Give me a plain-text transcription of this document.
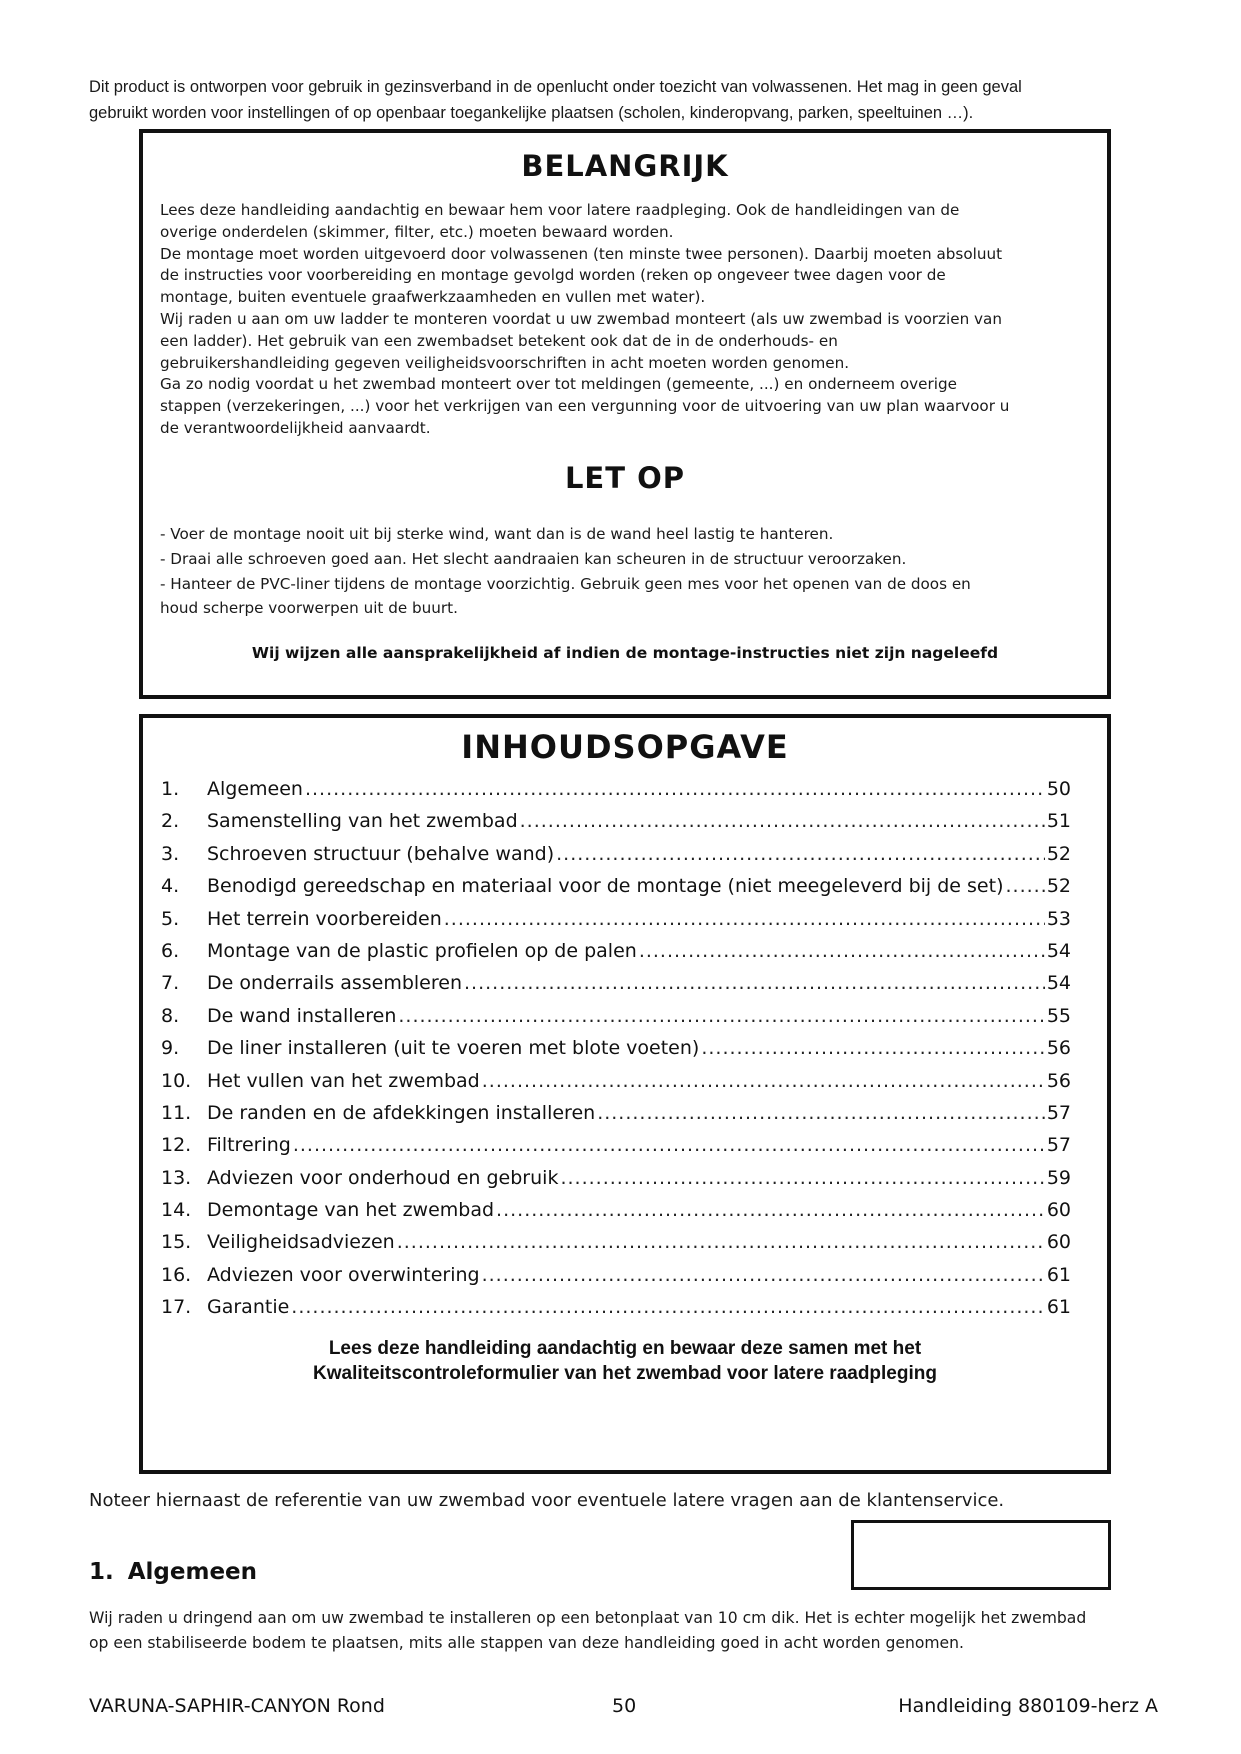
Dit product is ontworpen voor gebruik in gezinsverband in de openlucht onder toezicht van volwassenen. Het mag in geen geval
gebruikt worden voor instellingen of op openbaar toegankelijke plaatsen (scholen, kinderopvang, parken, speeltuinen …).
BELANGRIJK
Lees deze handleiding aandachtig en bewaar hem voor latere raadpleging. Ook de handleidingen van de
overige onderdelen (skimmer, filter, etc.) moeten bewaard worden.
De montage moet worden uitgevoerd door volwassenen (ten minste twee personen). Daarbij moeten absoluut
de instructies voor voorbereiding en montage gevolgd worden (reken op ongeveer twee dagen voor de
montage, buiten eventuele graafwerkzaamheden en vullen met water).
Wij raden u aan om uw ladder te monteren voordat u uw zwembad monteert (als uw zwembad is voorzien van
een ladder). Het gebruik van een zwembadset betekent ook dat de in de onderhouds- en
gebruikershandleiding gegeven veiligheidsvoorschriften in acht moeten worden genomen.
Ga zo nodig voordat u het zwembad monteert over tot meldingen (gemeente, ...) en onderneem overige
stappen (verzekeringen, ...) voor het verkrijgen van een vergunning voor de uitvoering van uw plan waarvoor u
de verantwoordelijkheid aanvaardt.
LET OP
- Voer de montage nooit uit bij sterke wind, want dan is de wand heel lastig te hanteren.
- Draai alle schroeven goed aan. Het slecht aandraaien kan scheuren in de structuur veroorzaken.
- Hanteer de PVC-liner tijdens de montage voorzichtig. Gebruik geen mes voor het openen van de doos en
houd scherpe voorwerpen uit de buurt.
Wij wijzen alle aansprakelijkheid af indien de montage-instructies niet zijn nageleefd
INHOUDSOPGAVE
1.	Algemeen .....	50
2.	Samenstelling van het zwembad .....	51
3.	Schroeven structuur (behalve wand) .....	52
4.	Benodigd gereedschap en materiaal voor de montage (niet meegeleverd bij de set) ..... 52
5.	Het terrein voorbereiden .....	53
6.	Montage van de plastic profielen op de palen .....	54
7.	De onderrails assembleren .....	54
8.	De wand installeren .....	55
9.	De liner installeren (uit te voeren met blote voeten) .....	56
10. Het vullen van het zwembad .....	56
11. De randen en de afdekkingen installeren .....	57
12. Filtrering .....	57
13. Adviezen voor onderhoud en gebruik .....	59
14. Demontage van het zwembad .....	60
15. Veiligheidsadviezen .....	60
16. Adviezen voor overwintering .....	61
17. Garantie .....	61
Lees deze handleiding aandachtig en bewaar deze samen met het
Kwaliteitscontroleformulier van het zwembad voor latere raadpleging
Noteer hiernaast de referentie van uw zwembad voor eventuele latere vragen aan de klantenservice.
1. Algemeen
Wij raden u dringend aan om uw zwembad te installeren op een betonplaat van 10 cm dik. Het is echter mogelijk het zwembad
op een stabiliseerde bodem te plaatsen, mits alle stappen van deze handleiding goed in acht worden genomen.
VARUNA-SAPHIR-CANYON Rond	50	Handleiding 880109-herz A
